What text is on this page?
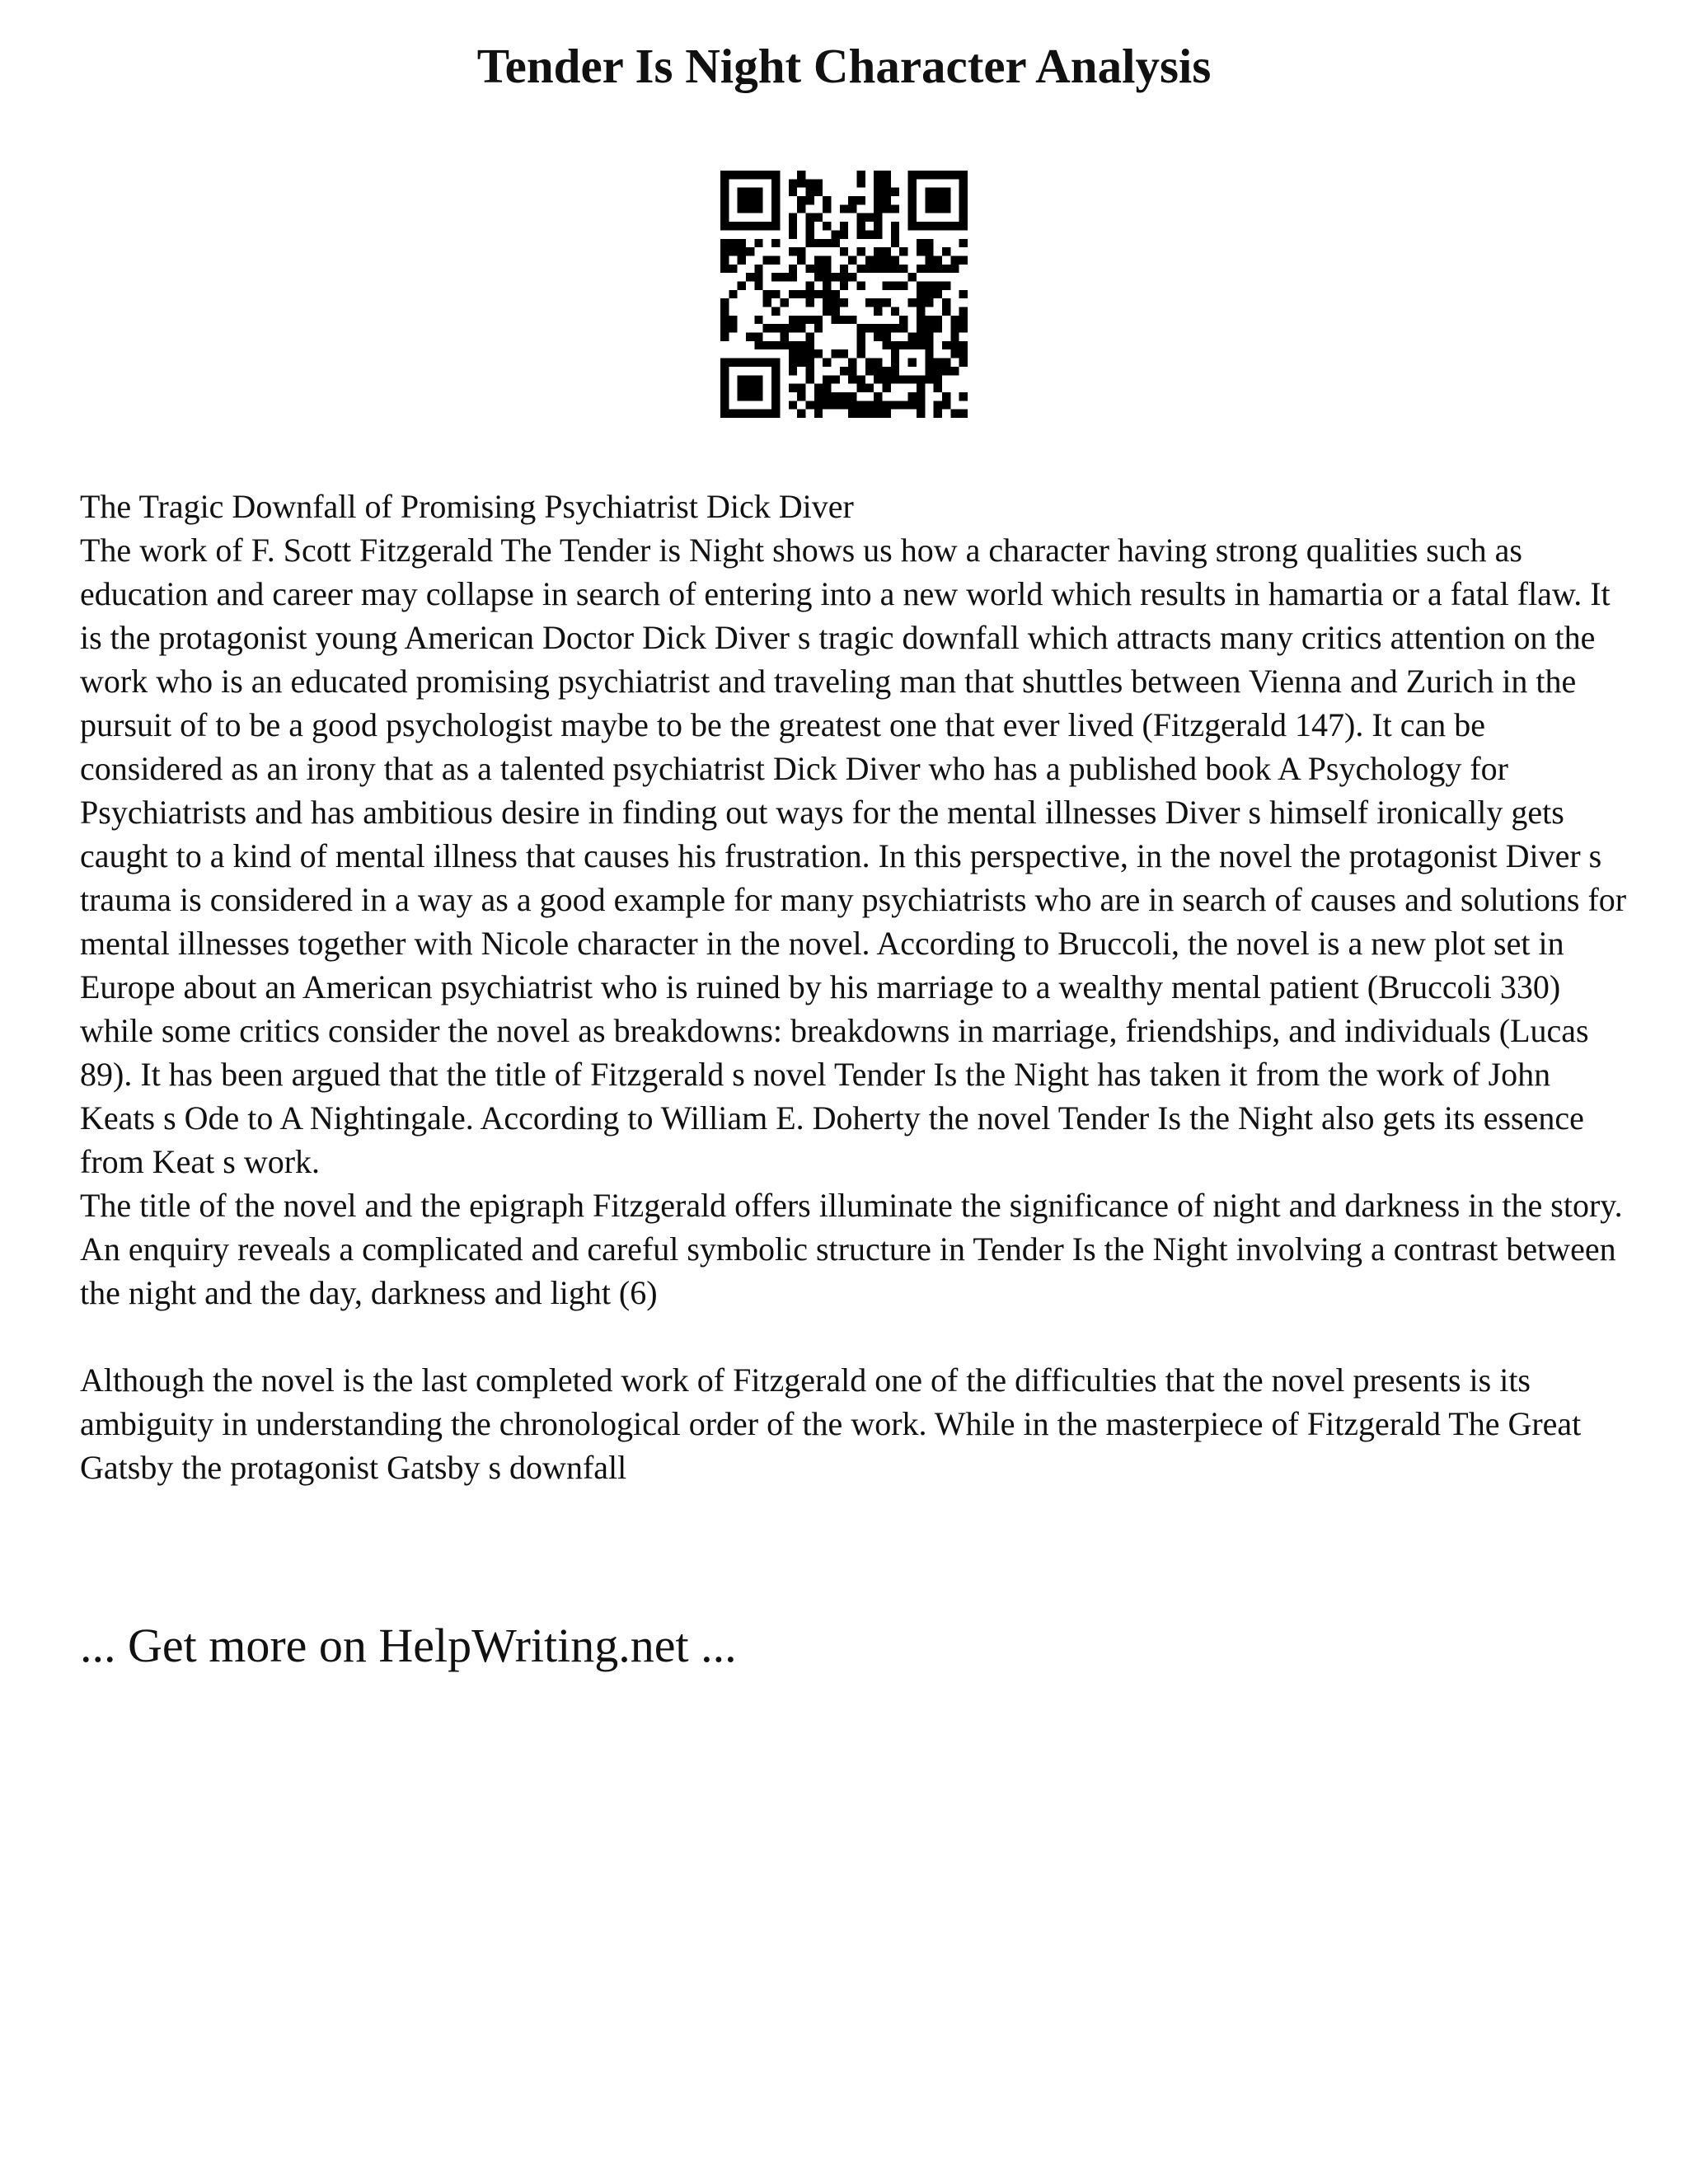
Tender Is Night Character Analysis

The Tragic Downfall of Promising Psychiatrist Dick Diver

The work of F. Scott Fitzgerald The Tender is Night shows us how a character having strong qualities such as education and career may collapse in search of entering into a new world which results in hamartia or a fatal flaw. It is the protagonist young American Doctor Dick Diver s tragic downfall which attracts many critics attention on the work who is an educated promising psychiatrist and traveling man that shuttles between Vienna and Zurich in the pursuit of to be a good psychologist maybe to be the greatest one that ever lived (Fitzgerald 147). It can be considered as an irony that as a talented psychiatrist Dick Diver who has a published book A Psychology for Psychiatrists and has ambitious desire in finding out ways for the mental illnesses Diver s himself ironically gets caught to a kind of mental illness that causes his frustration. In this perspective, in the novel the protagonist Diver s trauma is considered in a way as a good example for many psychiatrists who are in search of causes and solutions for mental illnesses together with Nicole character in the novel. According to Bruccoli, the novel is a new plot set in Europe about an American psychiatrist who is ruined by his marriage to a wealthy mental patient (Bruccoli 330) while some critics consider the novel as breakdowns: breakdowns in marriage, friendships, and individuals (Lucas 89). It has been argued that the title of Fitzgerald s novel Tender Is the Night has taken it from the work of John Keats s Ode to A Nightingale. According to William E. Doherty the novel Tender Is the Night also gets its essence from Keat s work.

The title of the novel and the epigraph Fitzgerald offers illuminate the significance of night and darkness in the story. An enquiry reveals a complicated and careful symbolic structure in Tender Is the Night involving a contrast between the night and the day, darkness and light (6)

Although the novel is the last completed work of Fitzgerald one of the difficulties that the novel presents is its ambiguity in understanding the chronological order of the work. While in the masterpiece of Fitzgerald The Great Gatsby the protagonist Gatsby s downfall

... Get more on HelpWriting.net ...
